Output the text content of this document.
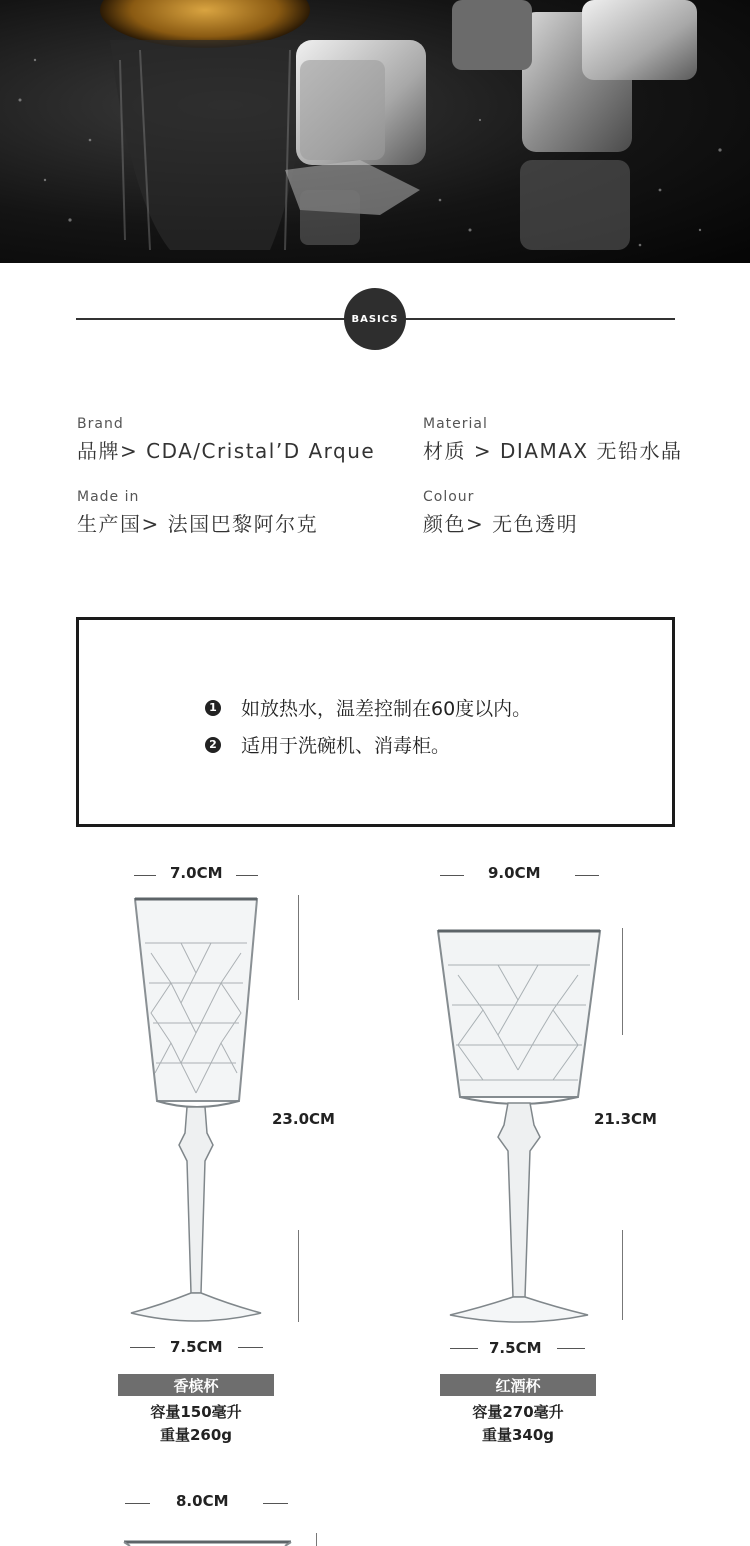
BASICS
Brand
品牌> CDA/Cristal’D Arque
Material
材质 > DIAMAX 无铅水晶
Made in
生产国> 法国巴黎阿尔克
Colour
颜色> 无色透明
1 如放热水，温差控制在60度以内。
2 适用于洗碗机、消毒柜。
7.0CM
23.0CM
7.5CM
香槟杯
容量150毫升
重量260g
9.0CM
21.3CM
7.5CM
红酒杯
容量270毫升
重量340g
8.0CM
